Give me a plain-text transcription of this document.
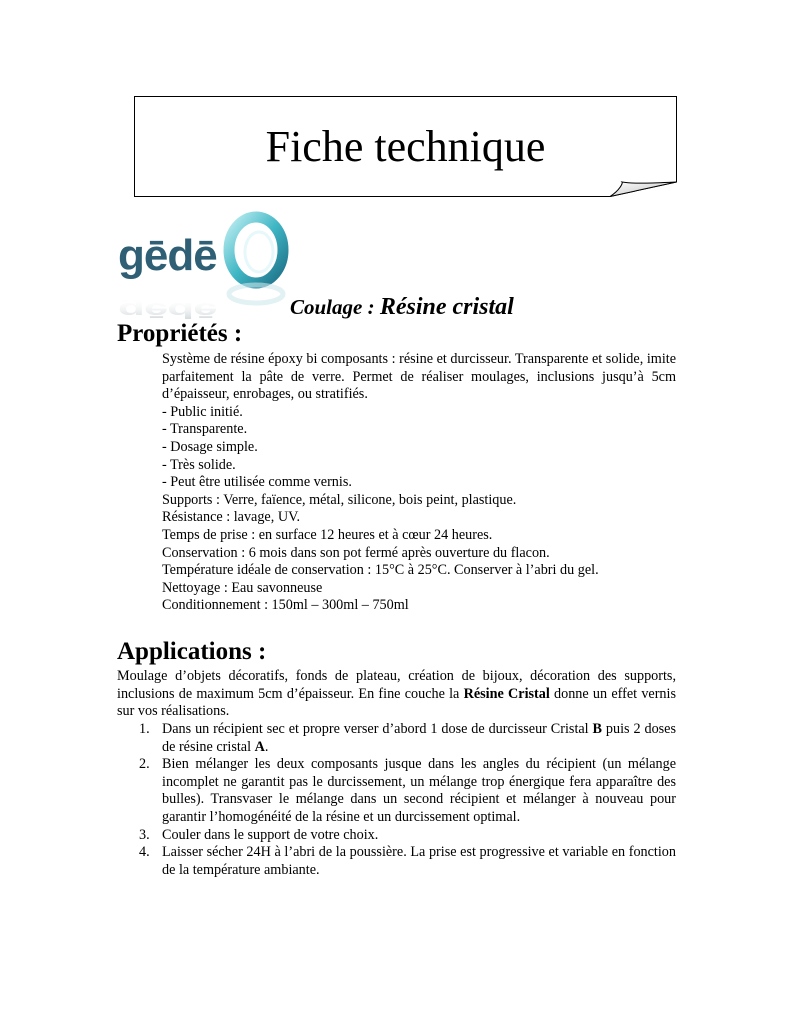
Fiche technique
gēdē
gēdē	Coulage : Résine cristal
Propriétés :

Système de résine époxy bi composants : résine et durcisseur. Transparente et solide, imite parfaitement la pâte de verre. Permet de réaliser moulages, inclusions jusqu’à 5cm d’épaisseur, enrobages, ou stratifiés.

- Public initié.
- Transparente.
- Dosage simple.
- Très solide.
- Peut être utilisée comme vernis.
Supports : Verre, faïence, métal, silicone, bois peint, plastique.
Résistance : lavage, UV.
Temps de prise : en surface 12 heures et à cœur 24 heures.
Conservation : 6 mois dans son pot fermé après ouverture du flacon.
Température idéale de conservation : 15°C à 25°C. Conserver à l’abri du gel.
Nettoyage : Eau savonneuse
Conditionnement : 150ml – 300ml – 750ml
Applications :

Moulage d’objets décoratifs, fonds de plateau, création de bijoux, décoration des supports, inclusions de maximum 5cm d’épaisseur. En fine couche la Résine Cristal donne un effet vernis sur vos réalisations.

1. Dans un récipient sec et propre verser d’abord 1 dose de durcisseur Cristal B puis 2 doses de résine cristal A.
2. Bien mélanger les deux composants jusque dans les angles du récipient (un mélange incomplet ne garantit pas le durcissement, un mélange trop énergique fera apparaître des bulles). Transvaser le mélange dans un second récipient et mélanger à nouveau pour garantir l’homogénéité de la résine et un durcissement optimal.
3. Couler dans le support de votre choix.
4. Laisser sécher 24H à l’abri de la poussière. La prise est progressive et variable en fonction de la température ambiante.
